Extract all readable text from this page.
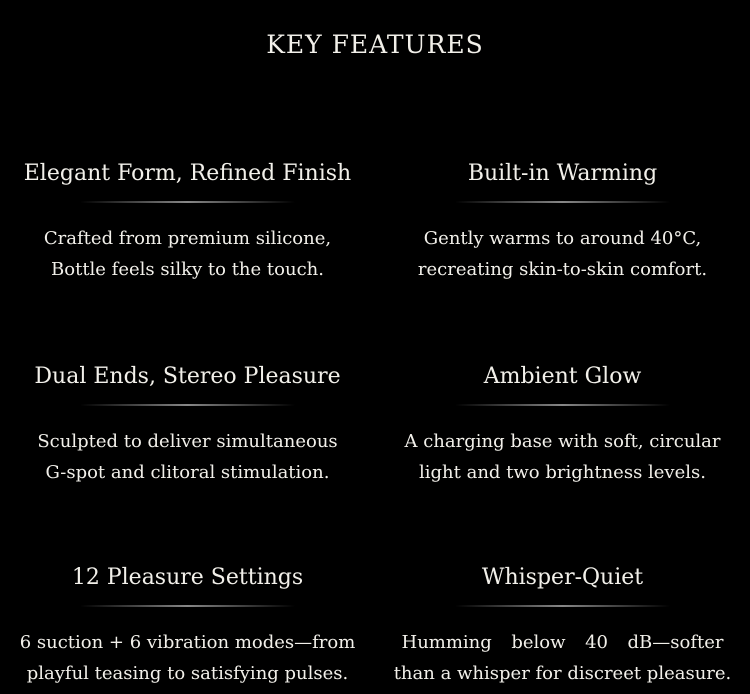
KEY FEATURES
Elegant Form, Refined Finish
Crafted from premium silicone,
Bottle feels silky to the touch.
Built-in Warming
Gently warms to around 40°C,
recreating skin-to-skin comfort.
Dual Ends, Stereo Pleasure
Sculpted to deliver simultaneous
G-spot and clitoral stimulation.
Ambient Glow
A charging base with soft, circular
light and two brightness levels.
12 Pleasure Settings
6 suction + 6 vibration modes—from
playful teasing to satisfying pulses.
Whisper-Quiet
Humming below 40 dB—softer
than a whisper for discreet pleasure.
